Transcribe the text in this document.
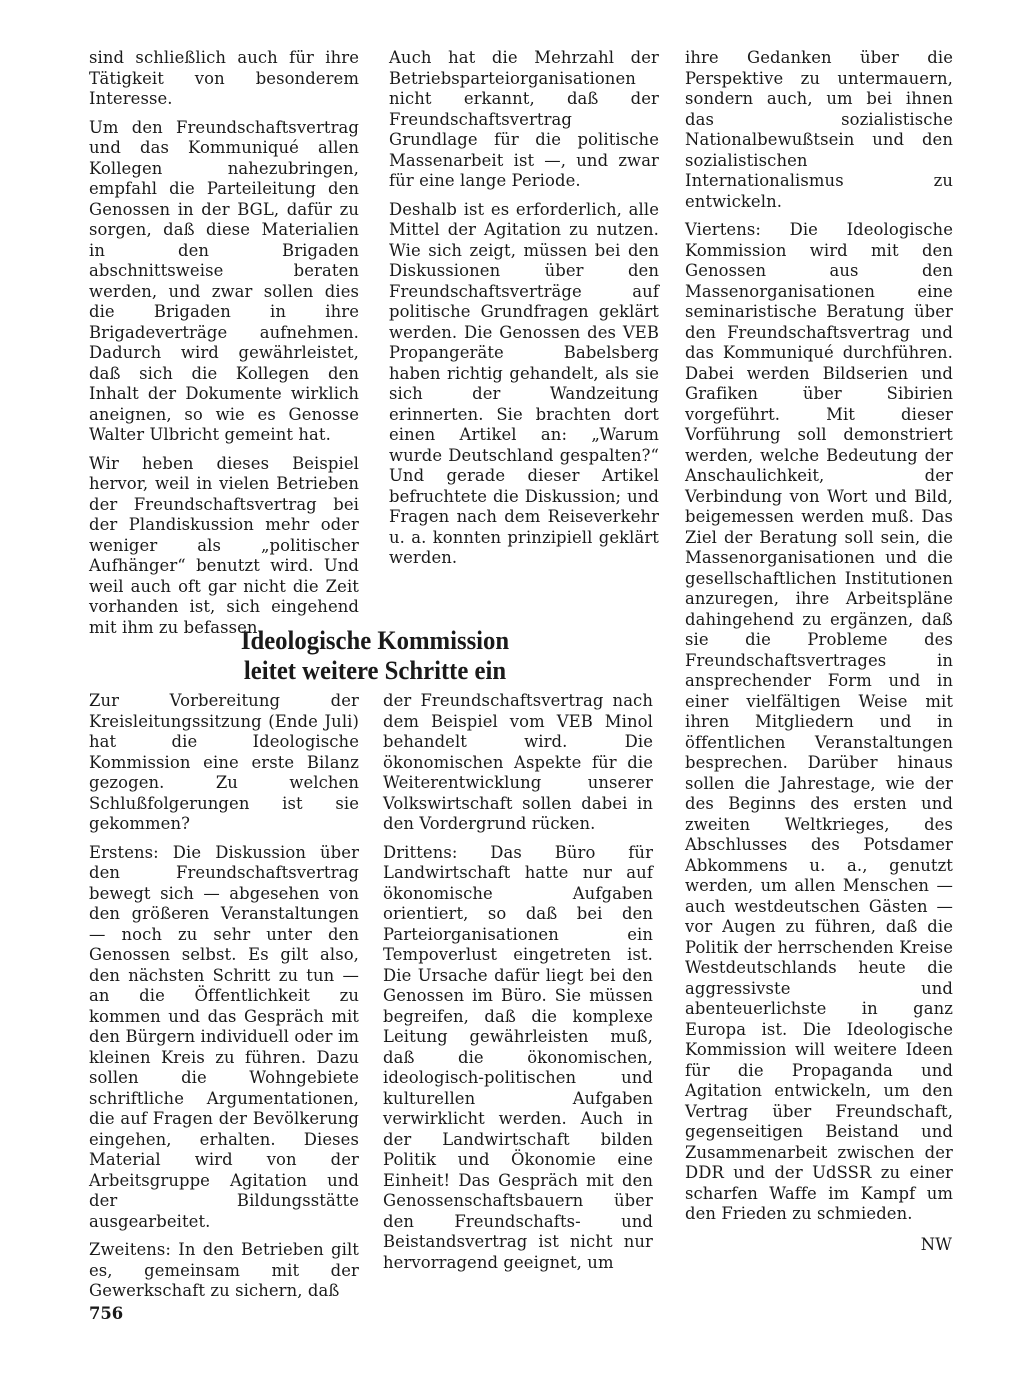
sind schließlich auch für ihre Tätigkeit von besonderem Interesse.

Um den Freundschaftsvertrag und das Kommuniqué allen Kollegen nahezubringen, empfahl die Parteileitung den Genossen in der BGL, dafür zu sorgen, daß diese Materialien in den Brigaden abschnittsweise beraten werden, und zwar sollen dies die Brigaden in ihre Brigadeverträge aufnehmen. Dadurch wird gewährleistet, daß sich die Kollegen den Inhalt der Dokumente wirklich aneignen, so wie es Genosse Walter Ulbricht gemeint hat.

Wir heben dieses Beispiel hervor, weil in vielen Betrieben der Freundschaftsvertrag bei der Plandiskussion mehr oder weniger als „politischer Aufhänger“ benutzt wird. Und weil auch oft gar nicht die Zeit vorhanden ist, sich eingehend mit ihm zu befassen.

Auch hat die Mehrzahl der Betriebsparteiorganisationen nicht erkannt, daß der Freundschaftsvertrag Grundlage für die politische Massenarbeit ist —, und zwar für eine lange Periode.

Deshalb ist es erforderlich, alle Mittel der Agitation zu nutzen. Wie sich zeigt, müssen bei den Diskussionen über den Freundschaftsverträge auf politische Grundfragen geklärt werden. Die Genossen des VEB Propangeräte Babelsberg haben richtig gehandelt, als sie sich der Wandzeitung erinnerten. Sie brachten dort einen Artikel an: „Warum wurde Deutschland gespalten?“ Und gerade dieser Artikel befruchtete die Diskussion; und Fragen nach dem Reiseverkehr u. a. konnten prinzipiell geklärt werden.

Ideologische Kommission
leitet weitere Schritte ein

Zur Vorbereitung der Kreisleitungssitzung (Ende Juli) hat die Ideologische Kommission eine erste Bilanz gezogen. Zu welchen Schlußfolgerungen ist sie gekommen?

Erstens: Die Diskussion über den Freundschaftsvertrag bewegt sich — abgesehen von den größeren Veranstaltungen — noch zu sehr unter den Genossen selbst. Es gilt also, den nächsten Schritt zu tun — an die Öffentlichkeit zu kommen und das Gespräch mit den Bürgern individuell oder im kleinen Kreis zu führen. Dazu sollen die Wohngebiete schriftliche Argumentationen, die auf Fragen der Bevölkerung eingehen, erhalten. Dieses Material wird von der Arbeitsgruppe Agitation und der Bildungsstätte ausgearbeitet.

Zweitens: In den Betrieben gilt es, gemeinsam mit der Gewerkschaft zu sichern, daß

der Freundschaftsvertrag nach dem Beispiel vom VEB Minol behandelt wird. Die ökonomischen Aspekte für die Weiterentwicklung unserer Volkswirtschaft sollen dabei in den Vordergrund rücken.

Drittens: Das Büro für Landwirtschaft hatte nur auf ökonomische Aufgaben orientiert, so daß bei den Parteiorganisationen ein Tempoverlust eingetreten ist. Die Ursache dafür liegt bei den Genossen im Büro. Sie müssen begreifen, daß die komplexe Leitung gewährleisten muß, daß die ökonomischen, ideologisch-politischen und kulturellen Aufgaben verwirklicht werden. Auch in der Landwirtschaft bilden Politik und Ökonomie eine Einheit! Das Gespräch mit den Genossenschaftsbauern über den Freundschafts- und Beistandsvertrag ist nicht nur hervorragend geeignet, um

ihre Gedanken über die Perspektive zu untermauern, sondern auch, um bei ihnen das sozialistische Nationalbewußtsein und den sozialistischen Internationalismus zu entwickeln.

Viertens: Die Ideologische Kommission wird mit den Genossen aus den Massenorganisationen eine seminaristische Beratung über den Freundschaftsvertrag und das Kommuniqué durchführen. Dabei werden Bildserien und Grafiken über Sibirien vorgeführt. Mit dieser Vorführung soll demonstriert werden, welche Bedeutung der Anschaulichkeit, der Verbindung von Wort und Bild, beigemessen werden muß. Das Ziel der Beratung soll sein, die Massenorganisationen und die gesellschaftlichen Institutionen anzuregen, ihre Arbeitspläne dahingehend zu ergänzen, daß sie die Probleme des Freundschaftsvertrages in ansprechender Form und in einer vielfältigen Weise mit ihren Mitgliedern und in öffentlichen Veranstaltungen besprechen. Darüber hinaus sollen die Jahrestage, wie der des Beginns des ersten und zweiten Weltkrieges, des Abschlusses des Potsdamer Abkommens u. a., genutzt werden, um allen Menschen — auch westdeutschen Gästen — vor Augen zu führen, daß die Politik der herrschenden Kreise Westdeutschlands heute die aggressivste und abenteuerlichste in ganz Europa ist. Die Ideologische Kommission will weitere Ideen für die Propaganda und Agitation entwickeln, um den Vertrag über Freundschaft, gegenseitigen Beistand und Zusammenarbeit zwischen der DDR und der UdSSR zu einer scharfen Waffe im Kampf um den Frieden zu schmieden.

NW
756
